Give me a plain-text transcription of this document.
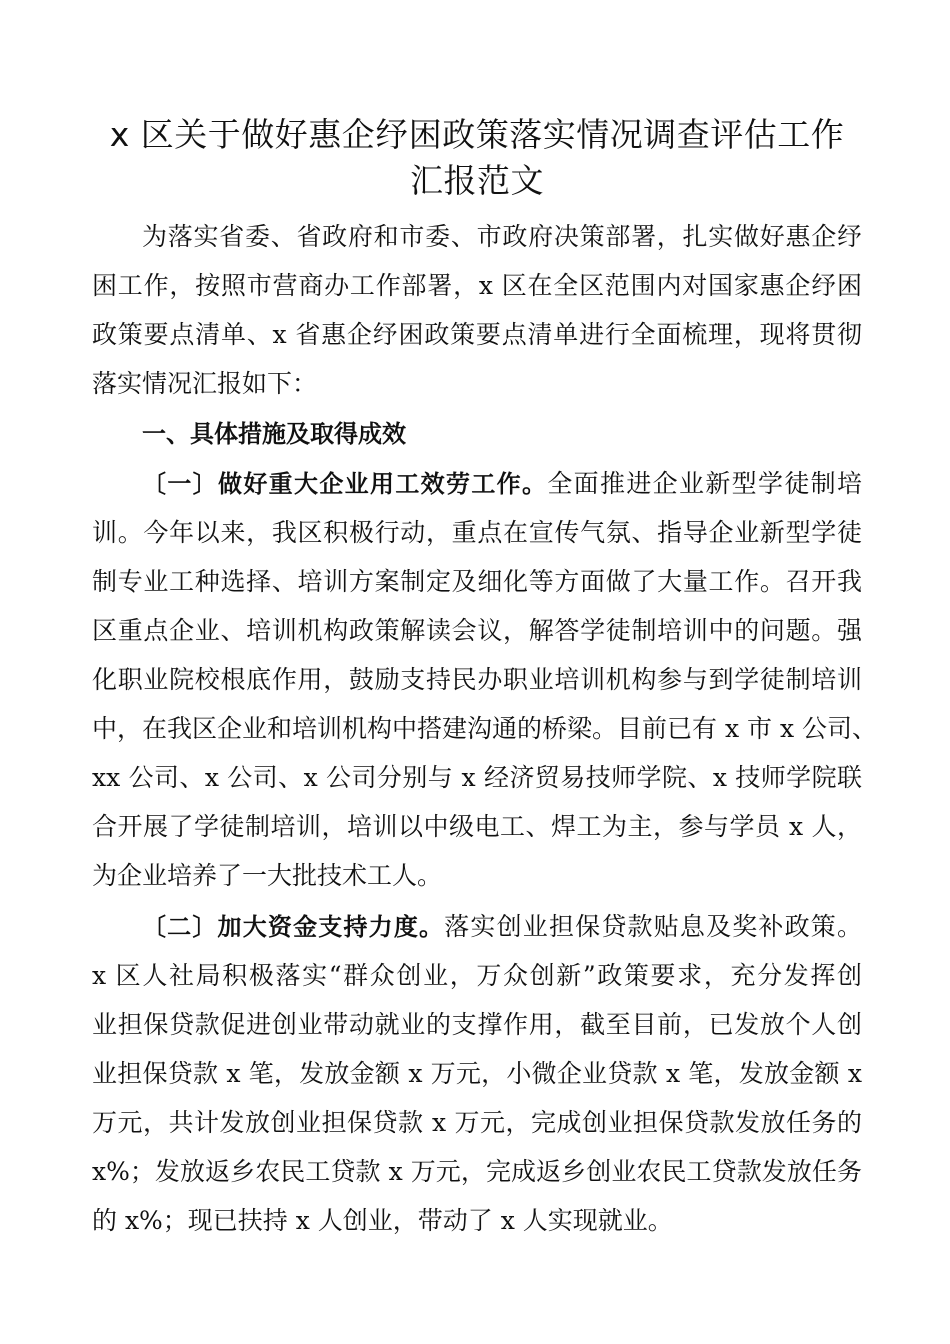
x 区关于做好惠企纾困政策落实情况调查评估工作
汇报范文
为落实省委、省政府和市委、市政府决策部署，扎实做好惠企纾
困工作，按照市营商办工作部署，x 区在全区范围内对国家惠企纾困
政策要点清单、x 省惠企纾困政策要点清单进行全面梳理，现将贯彻
落实情况汇报如下：
一、具体措施及取得成效
〔一〕做好重大企业用工效劳工作。全面推进企业新型学徒制培
训。今年以来，我区积极行动，重点在宣传气氛、指导企业新型学徒
制专业工种选择、培训方案制定及细化等方面做了大量工作。召开我
区重点企业、培训机构政策解读会议，解答学徒制培训中的问题。强
化职业院校根底作用，鼓励支持民办职业培训机构参与到学徒制培训
中，在我区企业和培训机构中搭建沟通的桥梁。目前已有 x 市 x 公司、
xx 公司、x 公司、x 公司分别与 x 经济贸易技师学院、x 技师学院联
合开展了学徒制培训，培训以中级电工、焊工为主，参与学员 x 人，
为企业培养了一大批技术工人。
〔二〕加大资金支持力度。落实创业担保贷款贴息及奖补政策。
x 区人社局积极落实“群众创业，万众创新”政策要求，充分发挥创
业担保贷款促进创业带动就业的支撑作用，截至目前，已发放个人创
业担保贷款 x 笔，发放金额 x 万元，小微企业贷款 x 笔，发放金额 x
万元，共计发放创业担保贷款 x 万元，完成创业担保贷款发放任务的
x%；发放返乡农民工贷款 x 万元，完成返乡创业农民工贷款发放任务
的 x%；现已扶持 x 人创业，带动了 x 人实现就业。
